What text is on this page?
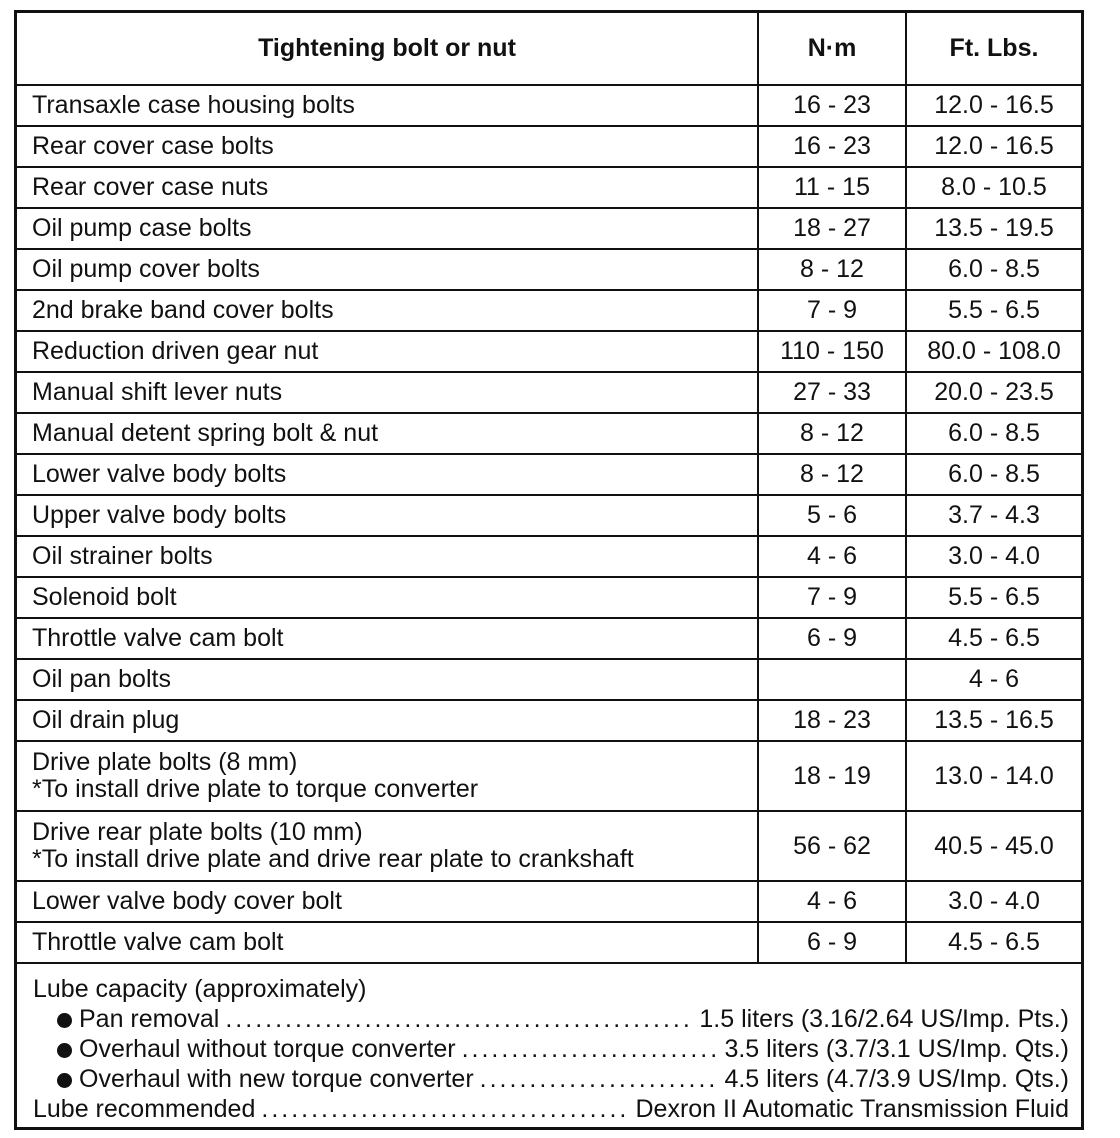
Tightening bolt or nut	N·m	Ft. Lbs.

Transaxle case housing bolts	16 - 23	12.0 - 16.5

Rear cover case bolts	16 - 23	12.0 - 16.5

Rear cover case nuts	11 - 15	8.0 - 10.5

Oil pump case bolts	18 - 27	13.5 - 19.5

Oil pump cover bolts	8 - 12	6.0 - 8.5

2nd brake band cover bolts	7 - 9	5.5 - 6.5

Reduction driven gear nut	110 - 150	80.0 - 108.0

Manual shift lever nuts	27 - 33	20.0 - 23.5

Manual detent spring bolt & nut	8 - 12	6.0 - 8.5

Lower valve body bolts	8 - 12	6.0 - 8.5

Upper valve body bolts	5 - 6	3.7 - 4.3

Oil strainer bolts	4 - 6	3.0 - 4.0

Solenoid bolt	7 - 9	5.5 - 6.5

Throttle valve cam bolt	6 - 9	4.5 - 6.5

Oil pan bolts		4 - 6

Oil drain plug	18 - 23	13.5 - 16.5

Drive plate bolts (8 mm)
*To install drive plate to torque converter	18 - 19	13.0 - 14.0

Drive rear plate bolts (10 mm)
*To install drive plate and drive rear plate to crankshaft	56 - 62	40.5 - 45.0

Lower valve body cover bolt	4 - 6	3.0 - 4.0

Throttle valve cam bolt	6 - 9	4.5 - 6.5
Lube capacity (approximately)
Pan removal .....	1.5 liters (3.16/2.64 US/Imp. Pts.)
Overhaul without torque converter .....	3.5 liters (3.7/3.1 US/Imp. Qts.)
Overhaul with new torque converter .....	4.5 liters (4.7/3.9 US/Imp. Qts.)
Lube recommended .....	Dexron II Automatic Transmission Fluid
